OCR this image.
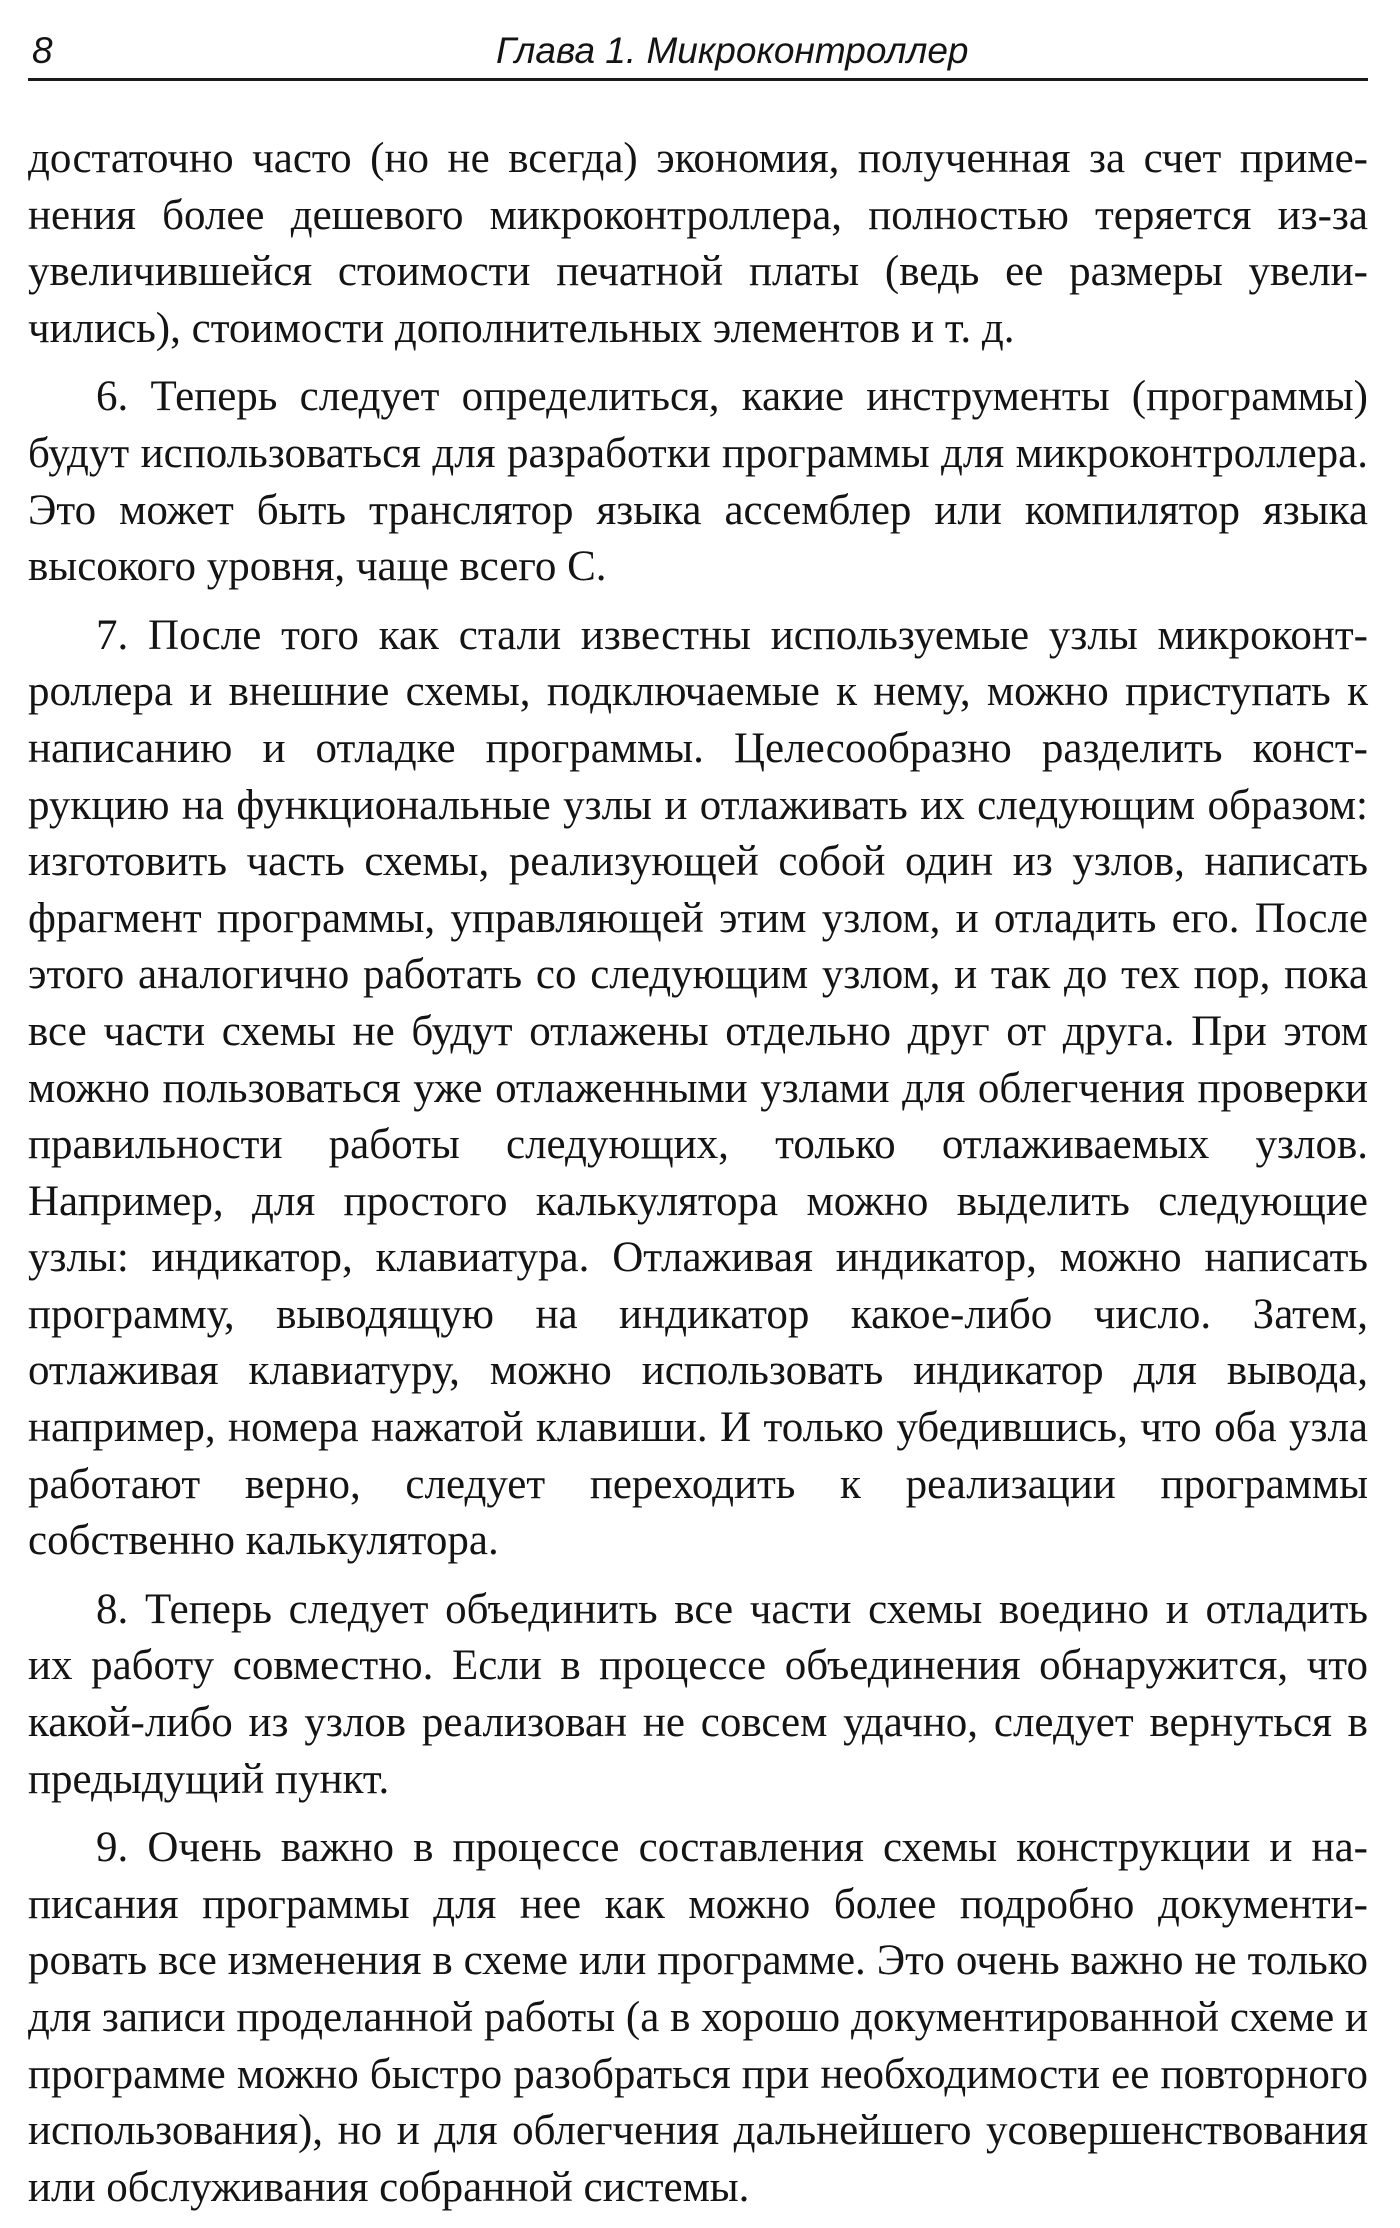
8	Глава 1. Микроконтроллер

достаточно часто (но не всегда) экономия, полученная за счет применения более дешевого микроконтроллера, полностью теряется из-за увеличившейся стоимости печатной платы (ведь ее размеры увеличились), стоимости дополнительных элементов и т. д.

6. Теперь следует определиться, какие инструменты (программы) будут использоваться для разработки программы для микроконтроллера. Это может быть транслятор языка ассемблер или компилятор языка высокого уровня, чаще всего С.

7. После того как стали известны используемые узлы микроконтроллера и внешние схемы, подключаемые к нему, можно приступать к написанию и отладке программы. Целесообразно разделить конструкцию на функциональные узлы и отлаживать их следующим образом: изготовить часть схемы, реализующей собой один из узлов, написать фрагмент программы, управляющей этим узлом, и отладить его. После этого аналогично работать со следующим узлом, и так до тех пор, пока все части схемы не будут отлажены отдельно друг от друга. При этом можно пользоваться уже отлаженными узлами для облегчения проверки правильности работы следующих, только отлаживаемых узлов. Например, для простого калькулятора можно выделить следующие узлы: индикатор, клавиатура. Отлаживая индикатор, можно написать программу, выводящую на индикатор какое-либо число. Затем, отлаживая клавиатуру, можно использовать индикатор для вывода, например, номера нажатой клавиши. И только убедившись, что оба узла работают верно, следует переходить к реализации программы собственно калькулятора.

8. Теперь следует объединить все части схемы воедино и отладить их работу совместно. Если в процессе объединения обнаружится, что какой-либо из узлов реализован не совсем удачно, следует вернуться в предыдущий пункт.

9. Очень важно в процессе составления схемы конструкции и написания программы для нее как можно более подробно документировать все изменения в схеме или программе. Это очень важно не только для записи проделанной работы (а в хорошо документированной схеме и программе можно быстро разобраться при необходимости ее повторного использования), но и для облегчения дальнейшего усовершенствования или обслуживания собранной системы.
